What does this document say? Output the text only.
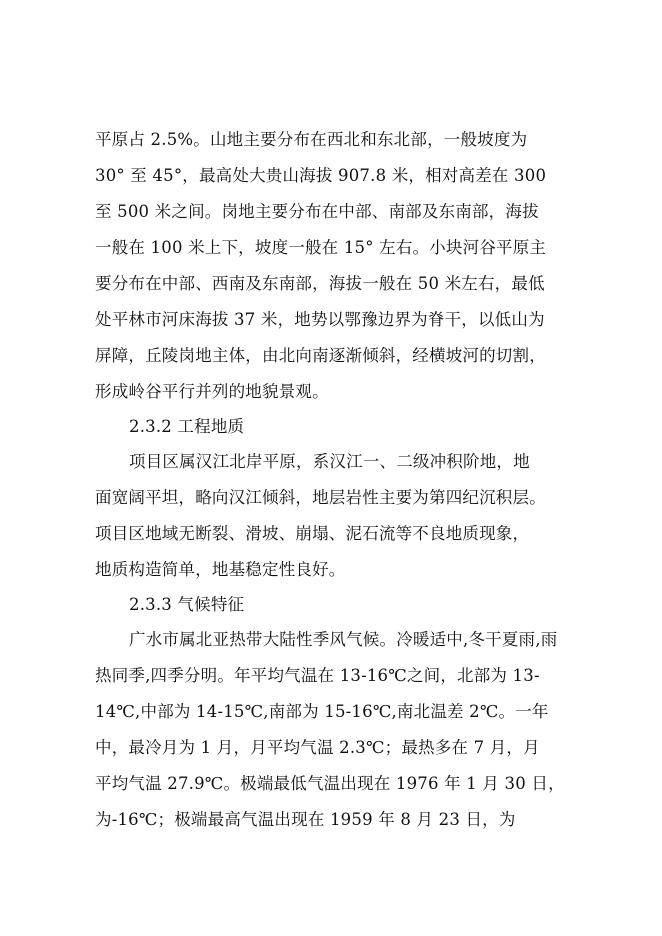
平原占 2.5%。山地主要分布在西北和东北部，一般坡度为
30° 至 45°，最高处大贵山海拔 907.8 米，相对高差在 300
至 500 米之间。岗地主要分布在中部、南部及东南部，海拔
一般在 100 米上下，坡度一般在 15° 左右。小块河谷平原主
要分布在中部、西南及东南部，海拔一般在 50 米左右，最低
处平林市河床海拔 37 米，地势以鄂豫边界为脊干，以低山为
屏障，丘陵岗地主体，由北向南逐渐倾斜，经横坡河的切割，
形成岭谷平行并列的地貌景观。
2.3.2 工程地质
项目区属汉江北岸平原，系汉江一、二级冲积阶地，地
面宽阔平坦，略向汉江倾斜，地层岩性主要为第四纪沉积层。
项目区地域无断裂、滑坡、崩塌、泥石流等不良地质现象，
地质构造简单，地基稳定性良好。
2.3.3 气候特征
广水市属北亚热带大陆性季风气候。冷暖适中,冬干夏雨,雨
热同季,四季分明。年平均气温在 13-16℃之间，北部为 13-
14℃,中部为 14-15℃,南部为 15-16℃,南北温差 2℃。一年
中，最冷月为 1 月，月平均气温 2.3℃；最热多在 7 月，月
平均气温 27.9℃。极端最低气温出现在 1976 年 1 月 30 日，
为-16℃；极端最高气温出现在 1959 年 8 月 23 日，为
